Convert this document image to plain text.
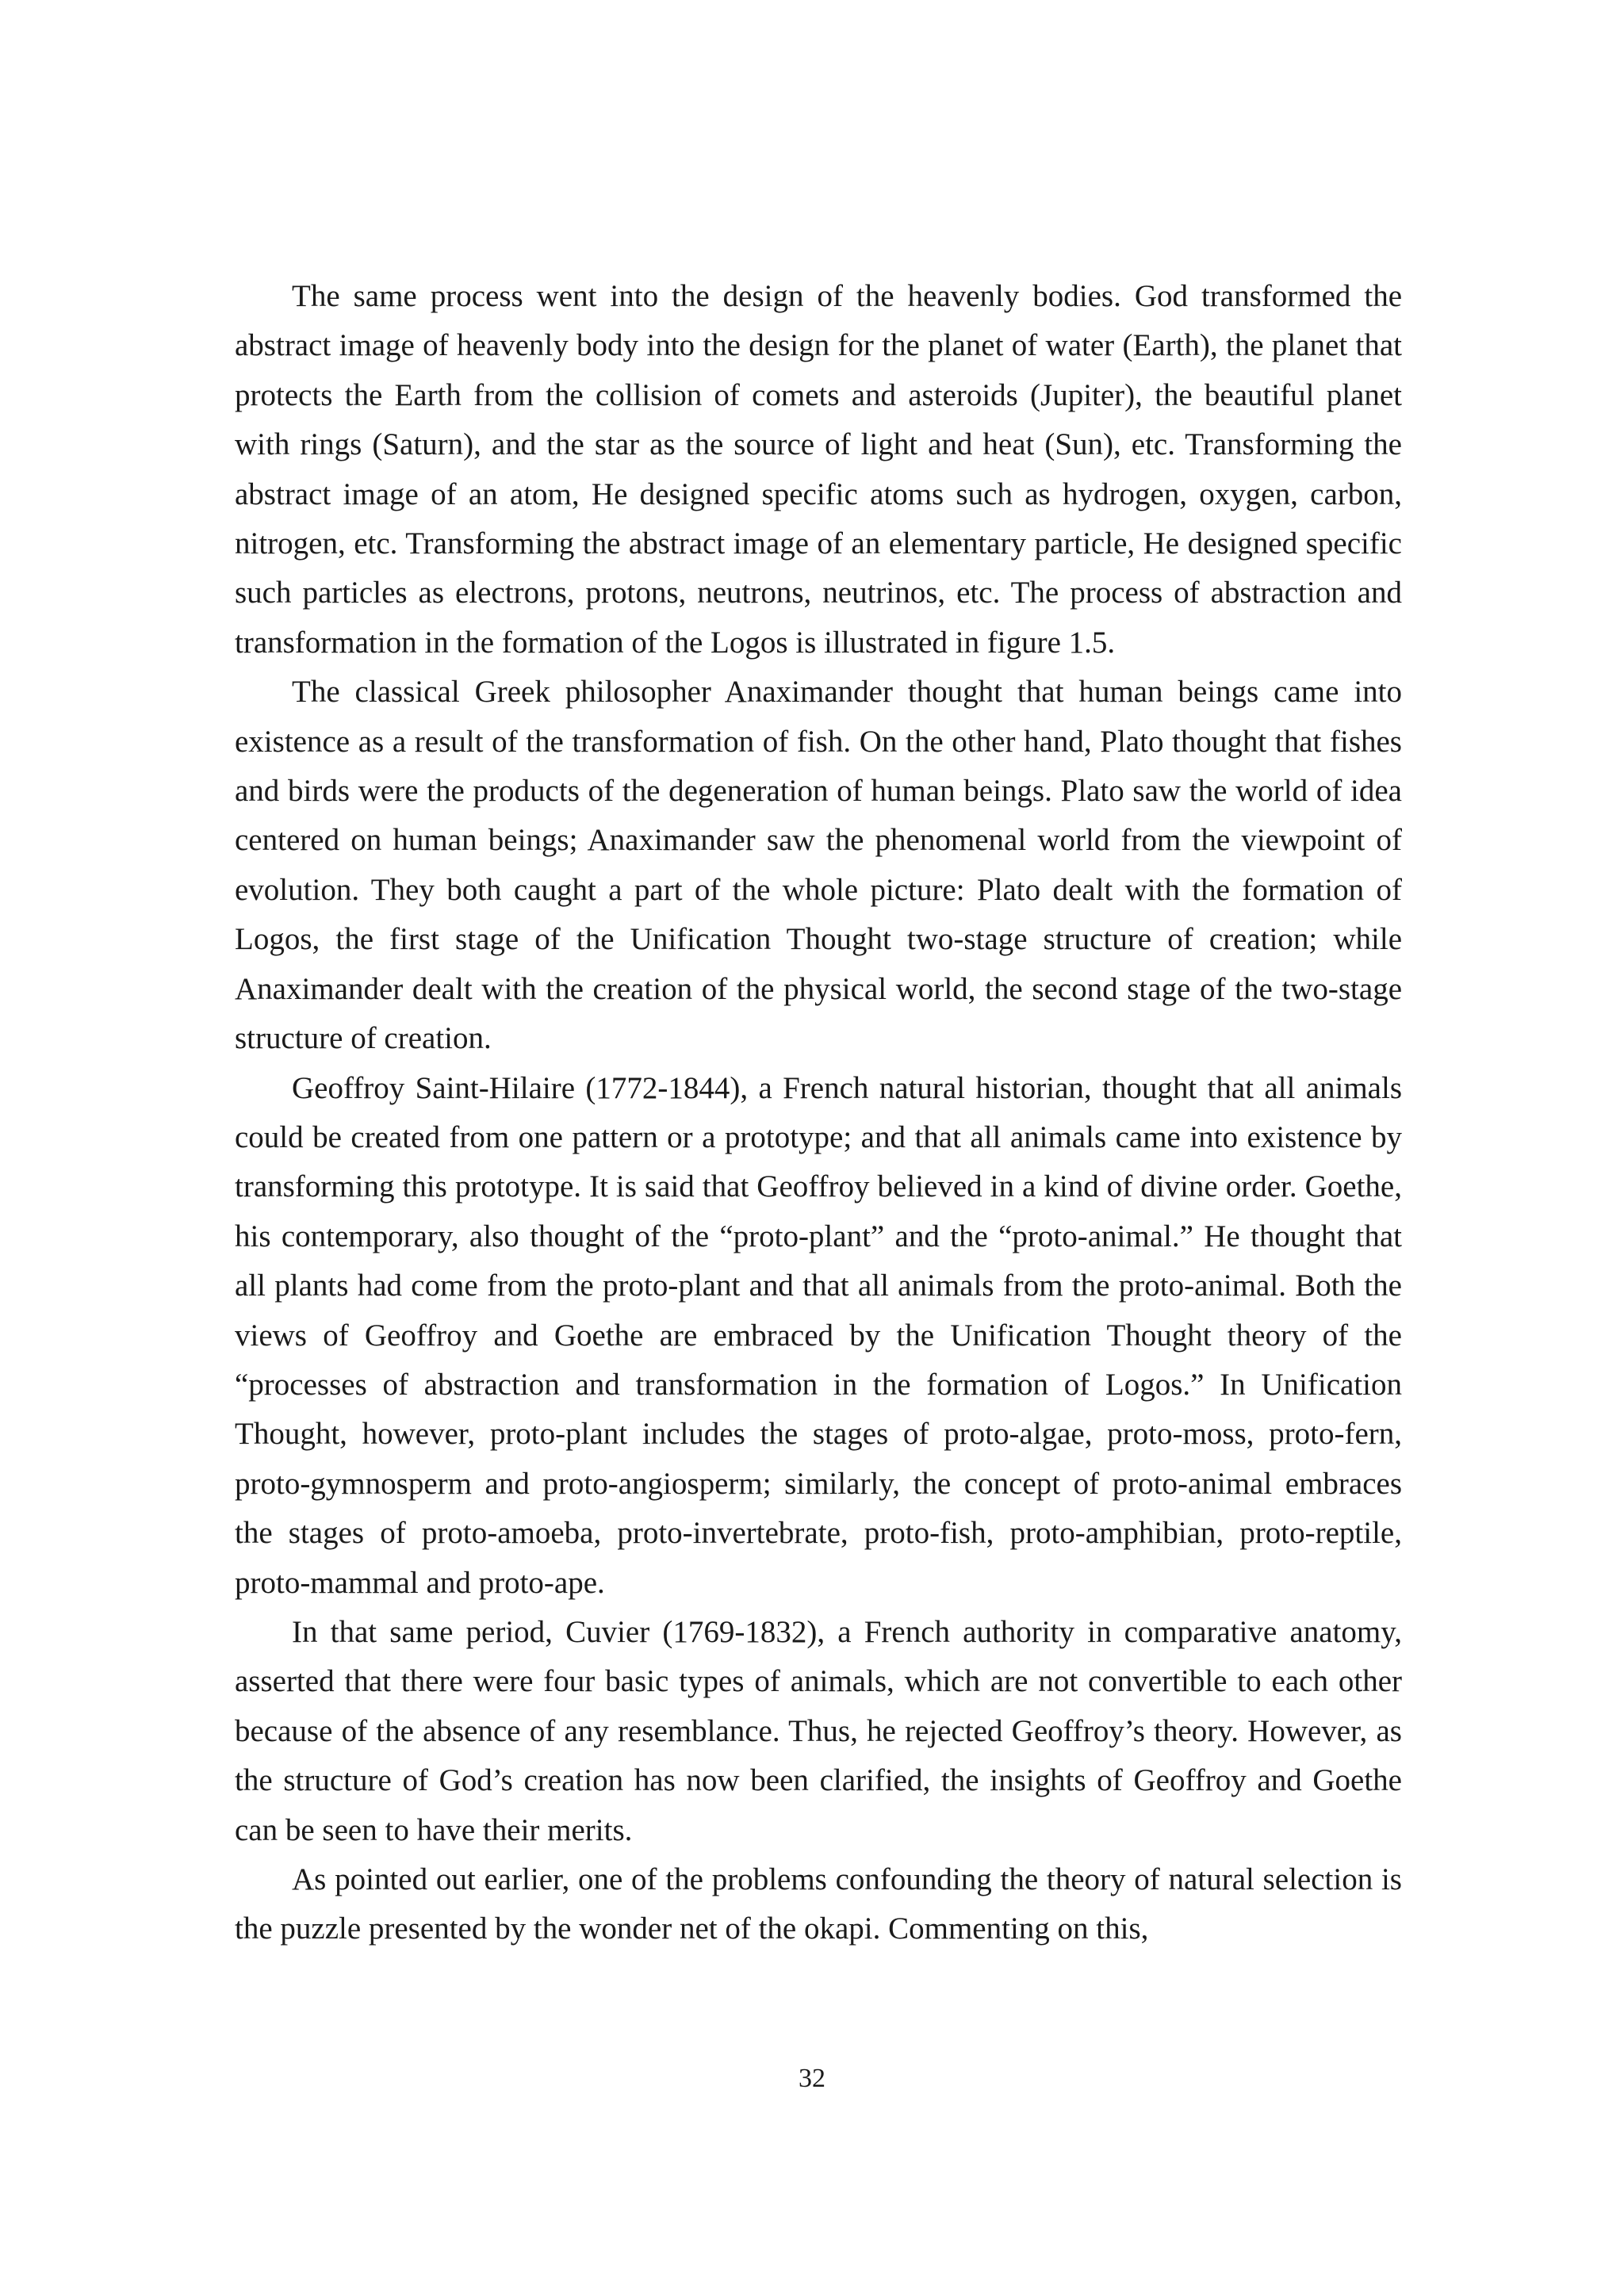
The same process went into the design of the heavenly bodies. God transformed the abstract image of heavenly body into the design for the planet of water (Earth), the planet that protects the Earth from the collision of comets and asteroids (Jupiter), the beautiful planet with rings (Saturn), and the star as the source of light and heat (Sun), etc. Transforming the abstract image of an atom, He designed specific atoms such as hydrogen, oxygen, carbon, nitrogen, etc. Transforming the abstract image of an elementary particle, He designed specific such particles as electrons, protons, neutrons, neutrinos, etc. The process of abstraction and transformation in the formation of the Logos is illustrated in figure 1.5.

The classical Greek philosopher Anaximander thought that human beings came into existence as a result of the transformation of fish. On the other hand, Plato thought that fishes and birds were the products of the degeneration of human beings. Plato saw the world of idea centered on human beings; Anaximander saw the phenomenal world from the viewpoint of evolution. They both caught a part of the whole picture: Plato dealt with the formation of Logos, the first stage of the Unification Thought two-stage structure of creation; while Anaximander dealt with the creation of the physical world, the second stage of the two-stage structure of creation.

Geoffroy Saint-Hilaire (1772-1844), a French natural historian, thought that all animals could be created from one pattern or a prototype; and that all animals came into existence by transforming this prototype. It is said that Geoffroy believed in a kind of divine order. Goethe, his contemporary, also thought of the “proto-plant” and the “proto-animal.” He thought that all plants had come from the proto-plant and that all animals from the proto-animal. Both the views of Geoffroy and Goethe are embraced by the Unification Thought theory of the “processes of abstraction and transformation in the formation of Logos.” In Unification Thought, however, proto-plant includes the stages of proto-algae, proto-moss, proto-fern, proto-gymnosperm and proto-angiosperm; similarly, the concept of proto-animal embraces the stages of proto-amoeba, proto-invertebrate, proto-fish, proto-amphibian, proto-reptile, proto-mammal and proto-ape.

In that same period, Cuvier (1769-1832), a French authority in comparative anatomy, asserted that there were four basic types of animals, which are not convertible to each other because of the absence of any resemblance. Thus, he rejected Geoffroy’s theory. However, as the structure of God’s creation has now been clarified, the insights of Geoffroy and Goethe can be seen to have their merits.

As pointed out earlier, one of the problems confounding the theory of natural selection is the puzzle presented by the wonder net of the okapi. Commenting on this,

32
